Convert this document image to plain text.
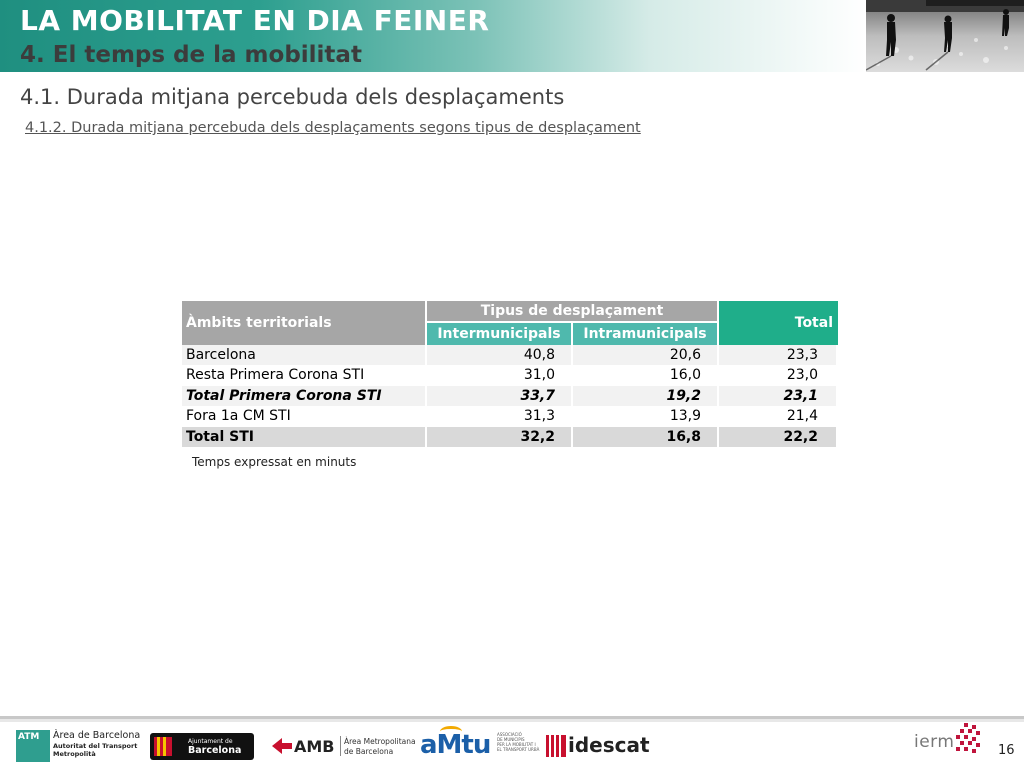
LA MOBILITAT EN DIA FEINER
4. El temps de la mobilitat
4.1. Durada mitjana percebuda dels desplaçaments
4.1.2. Durada mitjana percebuda dels desplaçaments segons tipus de desplaçament
Àmbits territorials	Tipus de desplaçament		Total
	Intermunicipals	Intramunicipals	
Barcelona	40,8	20,6	23,3
Resta Primera Corona STI	31,0	16,0	23,0
Total Primera Corona STI	33,7	19,2	23,1
Fora 1a CM STI	31,3	13,9	21,4
Total STI	32,2	16,8	22,2
Temps expressat en minuts
ATM Àrea de Barcelona
Autoritat del Transport
Metropolità
Ajuntament de
Barcelona	AMB Àrea Metropolitana
de Barcelona aMtu ASSOCIACIÓ
DE MUNICIPIS
PER LA MOBILITAT I
EL TRANSPORT URBÀ idescat	ierm	16
